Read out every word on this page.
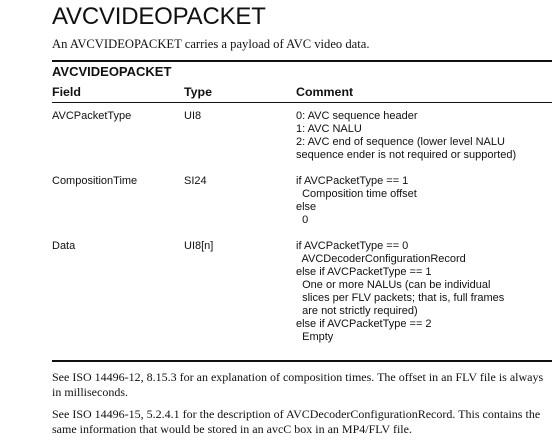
AVCVIDEOPACKET
An AVCVIDEOPACKET carries a payload of AVC video data.
AVCVIDEOPACKET
Field	Type	Comment
AVCPacketType	UI8	0: AVC sequence header
1: AVC NALU
2: AVC end of sequence (lower level NALU
sequence ender is not required or supported)
CompositionTime	SI24	if AVCPacketType == 1
Composition time offset
else
0
Data	UI8[n]	if AVCPacketType == 0
AVCDecoderConfigurationRecord
else if AVCPacketType == 1
One or more NALUs (can be individual
slices per FLV packets; that is, full frames
are not strictly required)
else if AVCPacketType == 2
Empty
See ISO 14496-12, 8.15.3 for an explanation of composition times. The offset in an FLV file is always in milliseconds.
See ISO 14496-15, 5.2.4.1 for the description of AVCDecoderConfigurationRecord. This contains the same information that would be stored in an avcC box in an MP4/FLV file.
